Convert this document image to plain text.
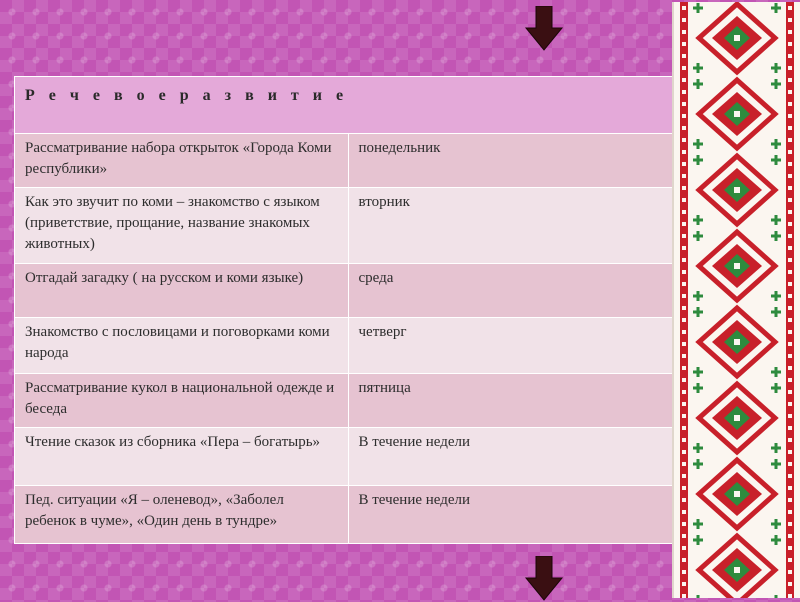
Р е ч е в о е р а з в и т и е	
Рассматривание набора открыток «Города Коми республики»	понедельник
Как это звучит по коми – знакомство с языком (приветствие, прощание, название знакомых животных)	вторник
Отгадай загадку ( на русском и коми языке)	среда
Знакомство с пословицами и поговорками коми народа	четверг
Рассматривание кукол в национальной одежде и беседа	пятница
Чтение сказок из сборника «Пера – богатырь»	В течение недели
Пед. ситуации «Я – оленевод», «Заболел ребенок в чуме», «Один день в тундре»	В течение недели
